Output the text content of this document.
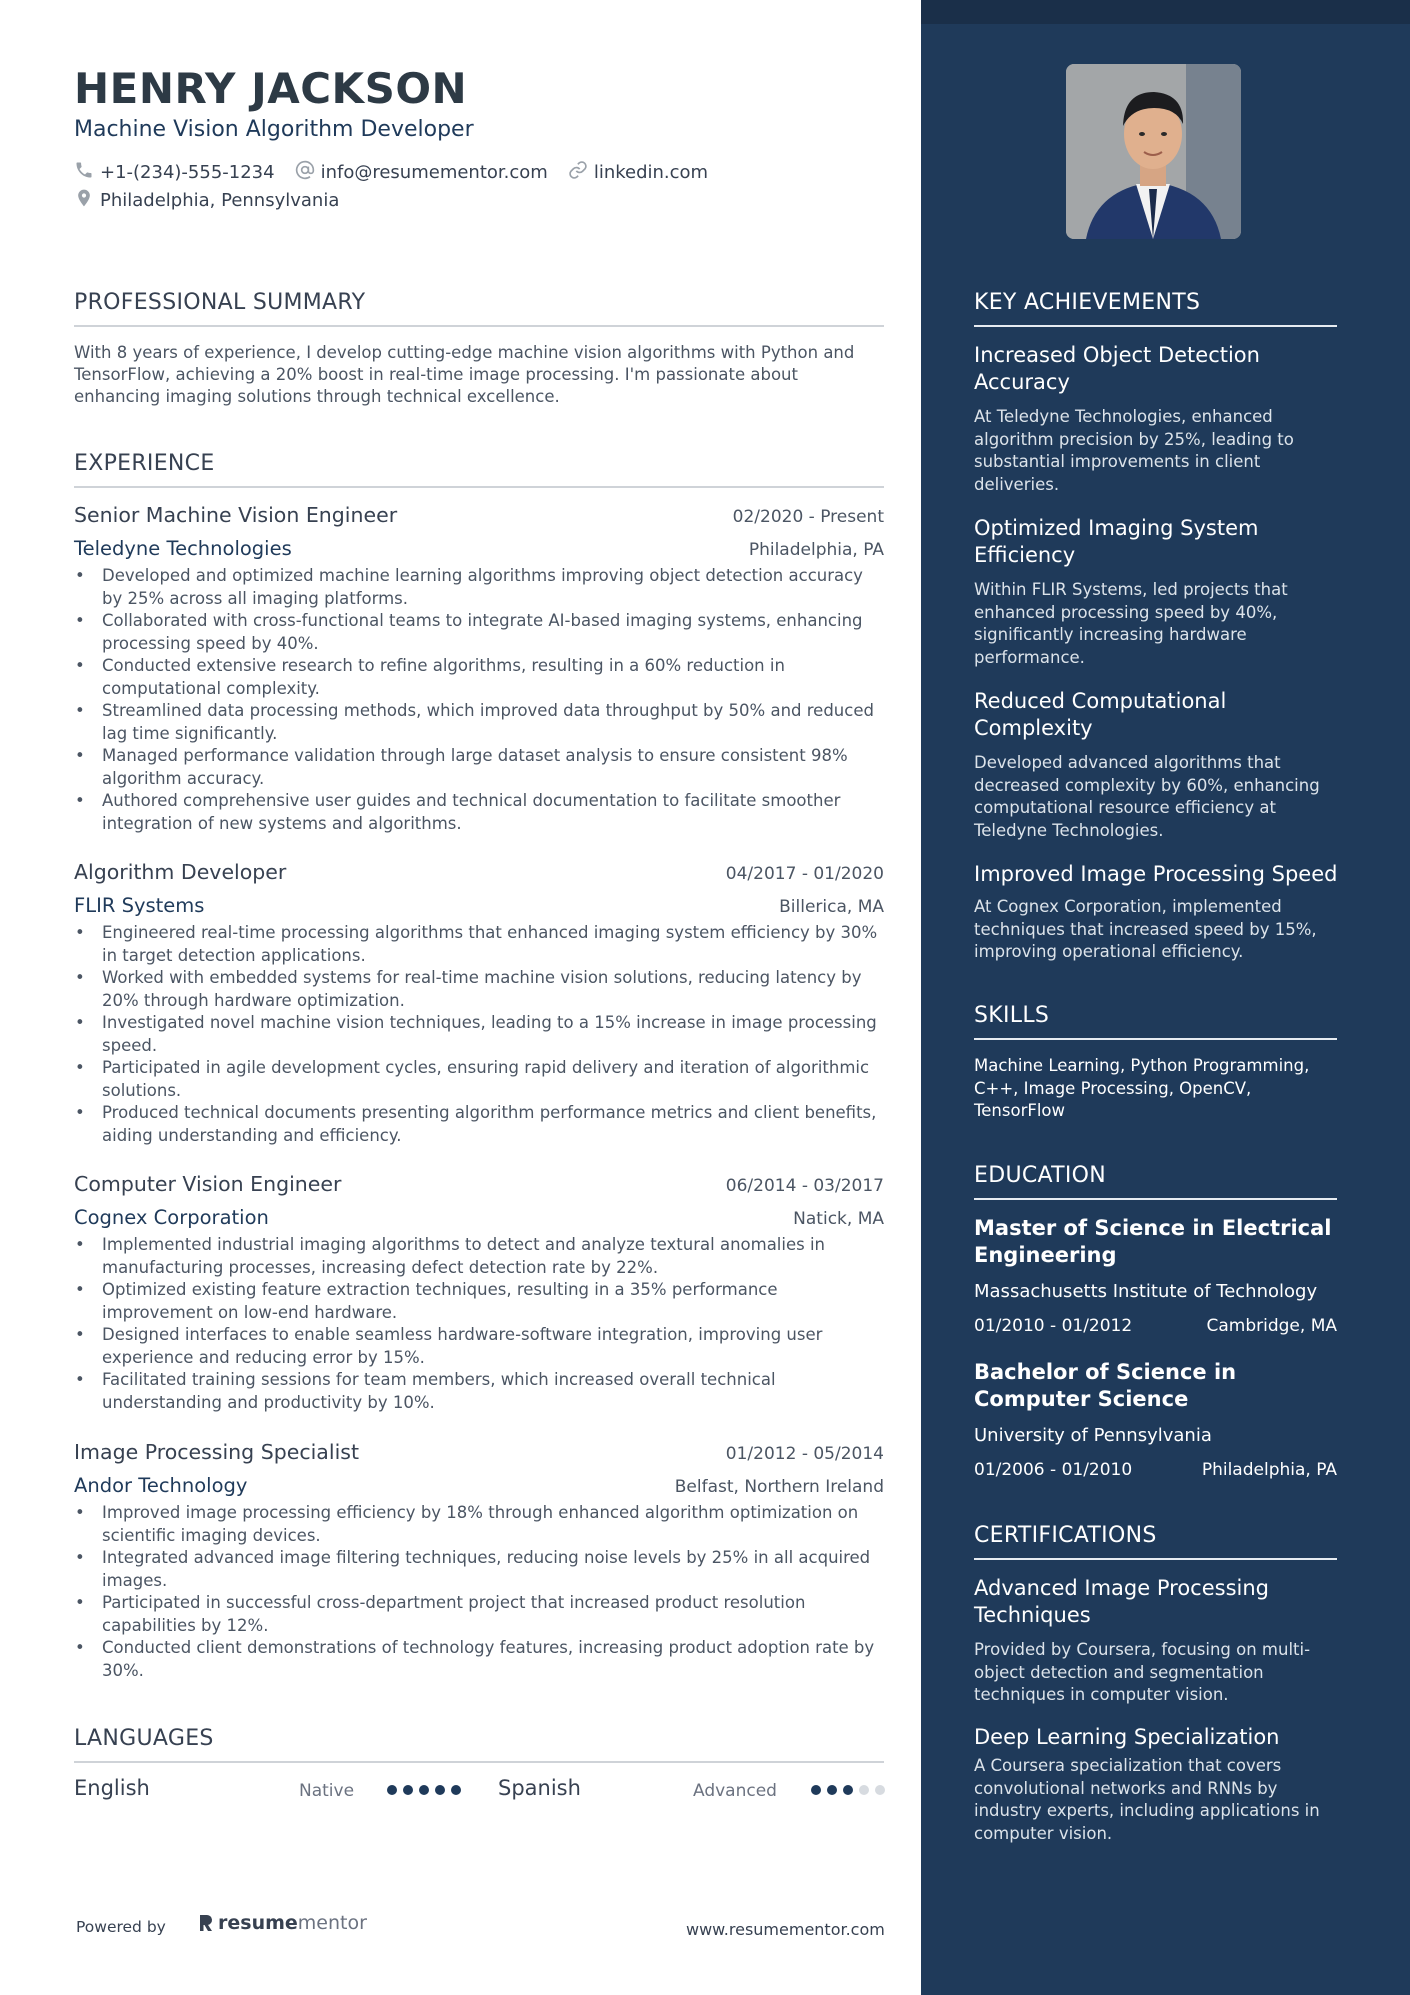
HENRY JACKSON
Machine Vision Algorithm Developer
+1-(234)-555-1234	info@resumementor.com	linkedin.com
Philadelphia, Pennsylvania
PROFESSIONAL SUMMARY
With 8 years of experience, I develop cutting-edge machine vision algorithms with Python and TensorFlow, achieving a 20% boost in real-time image processing. I'm passionate about enhancing imaging solutions through technical excellence.
EXPERIENCE
Senior Machine Vision Engineer	02/2020 - Present
Teledyne Technologies	Philadelphia, PA
• Developed and optimized machine learning algorithms improving object detection accuracy by 25% across all imaging platforms.
• Collaborated with cross-functional teams to integrate AI-based imaging systems, enhancing processing speed by 40%.
• Conducted extensive research to refine algorithms, resulting in a 60% reduction in computational complexity.
• Streamlined data processing methods, which improved data throughput by 50% and reduced lag time significantly.
• Managed performance validation through large dataset analysis to ensure consistent 98% algorithm accuracy.
• Authored comprehensive user guides and technical documentation to facilitate smoother integration of new systems and algorithms.
Algorithm Developer	04/2017 - 01/2020
FLIR Systems	Billerica, MA
• Engineered real-time processing algorithms that enhanced imaging system efficiency by 30% in target detection applications.
• Worked with embedded systems for real-time machine vision solutions, reducing latency by 20% through hardware optimization.
• Investigated novel machine vision techniques, leading to a 15% increase in image processing speed.
• Participated in agile development cycles, ensuring rapid delivery and iteration of algorithmic solutions.
• Produced technical documents presenting algorithm performance metrics and client benefits, aiding understanding and efficiency.
Computer Vision Engineer	06/2014 - 03/2017
Cognex Corporation	Natick, MA
• Implemented industrial imaging algorithms to detect and analyze textural anomalies in manufacturing processes, increasing defect detection rate by 22%.
• Optimized existing feature extraction techniques, resulting in a 35% performance improvement on low-end hardware.
• Designed interfaces to enable seamless hardware-software integration, improving user experience and reducing error by 15%.
• Facilitated training sessions for team members, which increased overall technical understanding and productivity by 10%.
Image Processing Specialist	01/2012 - 05/2014
Andor Technology	Belfast, Northern Ireland
• Improved image processing efficiency by 18% through enhanced algorithm optimization on scientific imaging devices.
• Integrated advanced image filtering techniques, reducing noise levels by 25% in all acquired images.
• Participated in successful cross-department project that increased product resolution capabilities by 12%.
• Conducted client demonstrations of technology features, increasing product adoption rate by 30%.
LANGUAGES
English	Native	Spanish	Advanced
Powered by	resume mentor	www.resumementor.com
KEY ACHIEVEMENTS
Increased Object Detection Accuracy
At Teledyne Technologies, enhanced algorithm precision by 25%, leading to substantial improvements in client deliveries.
Optimized Imaging System Efficiency
Within FLIR Systems, led projects that enhanced processing speed by 40%, significantly increasing hardware performance.
Reduced Computational Complexity
Developed advanced algorithms that decreased complexity by 60%, enhancing computational resource efficiency at Teledyne Technologies.
Improved Image Processing Speed
At Cognex Corporation, implemented techniques that increased speed by 15%, improving operational efficiency.
SKILLS
Machine Learning, Python Programming, C++, Image Processing, OpenCV, TensorFlow
EDUCATION
Master of Science in Electrical Engineering
Massachusetts Institute of Technology
01/2010 - 01/2012	Cambridge, MA
Bachelor of Science in Computer Science
University of Pennsylvania
01/2006 - 01/2010	Philadelphia, PA
CERTIFICATIONS
Advanced Image Processing Techniques
Provided by Coursera, focusing on multi-object detection and segmentation techniques in computer vision.
Deep Learning Specialization
A Coursera specialization that covers convolutional networks and RNNs by industry experts, including applications in computer vision.
